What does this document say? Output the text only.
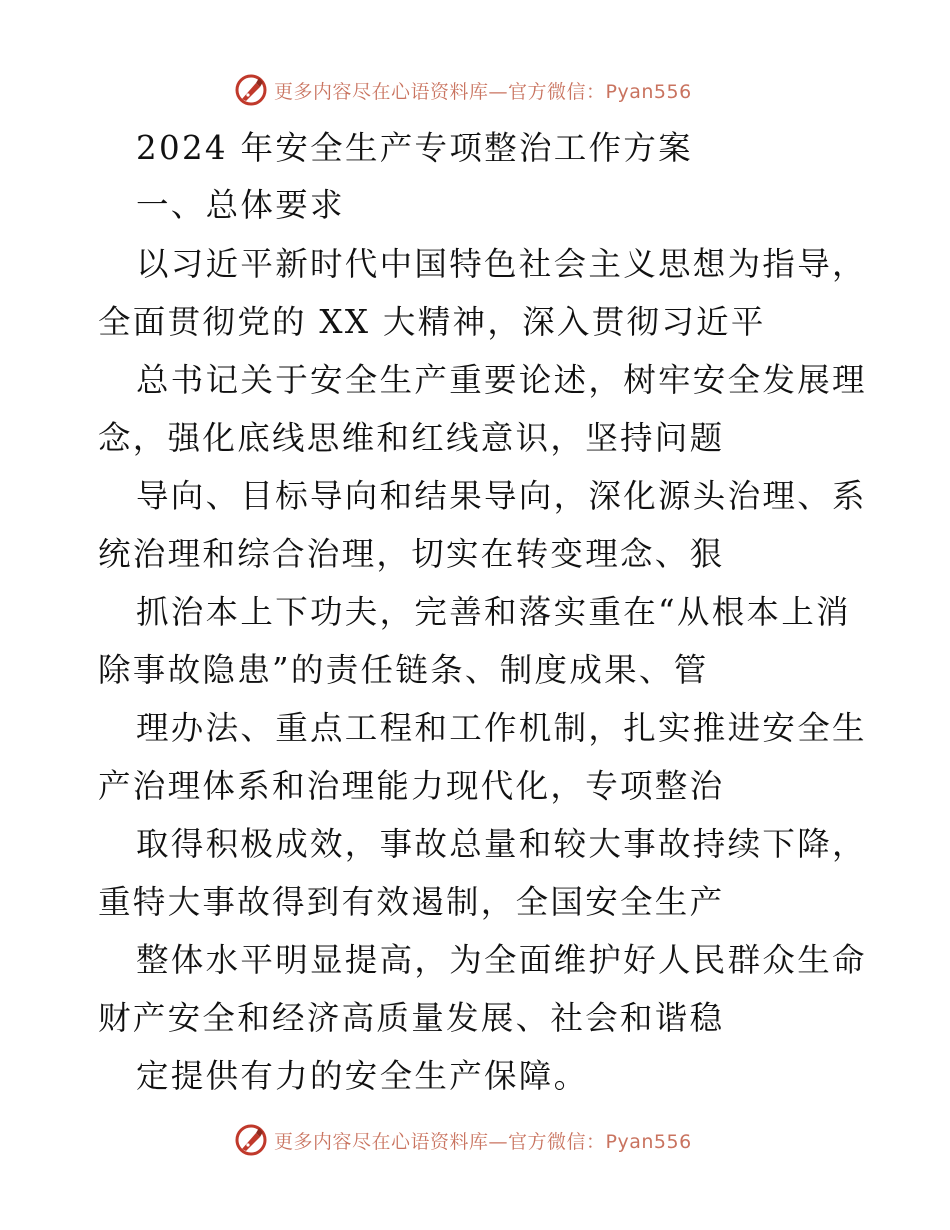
更多内容尽在心语资料库—官方微信：Pyan556
2024 年安全生产专项整治工作方案
一、总体要求
以习近平新时代中国特色社会主义思想为指导，
全面贯彻党的 XX 大精神，深入贯彻习近平
总书记关于安全生产重要论述，树牢安全发展理
念，强化底线思维和红线意识，坚持问题
导向、目标导向和结果导向，深化源头治理、系
统治理和综合治理，切实在转变理念、狠
抓治本上下功夫，完善和落实重在“从根本上消
除事故隐患”的责任链条、制度成果、管
理办法、重点工程和工作机制，扎实推进安全生
产治理体系和治理能力现代化，专项整治
取得积极成效，事故总量和较大事故持续下降，
重特大事故得到有效遏制，全国安全生产
整体水平明显提高，为全面维护好人民群众生命
财产安全和经济高质量发展、社会和谐稳
定提供有力的安全生产保障。
更多内容尽在心语资料库—官方微信：Pyan556
